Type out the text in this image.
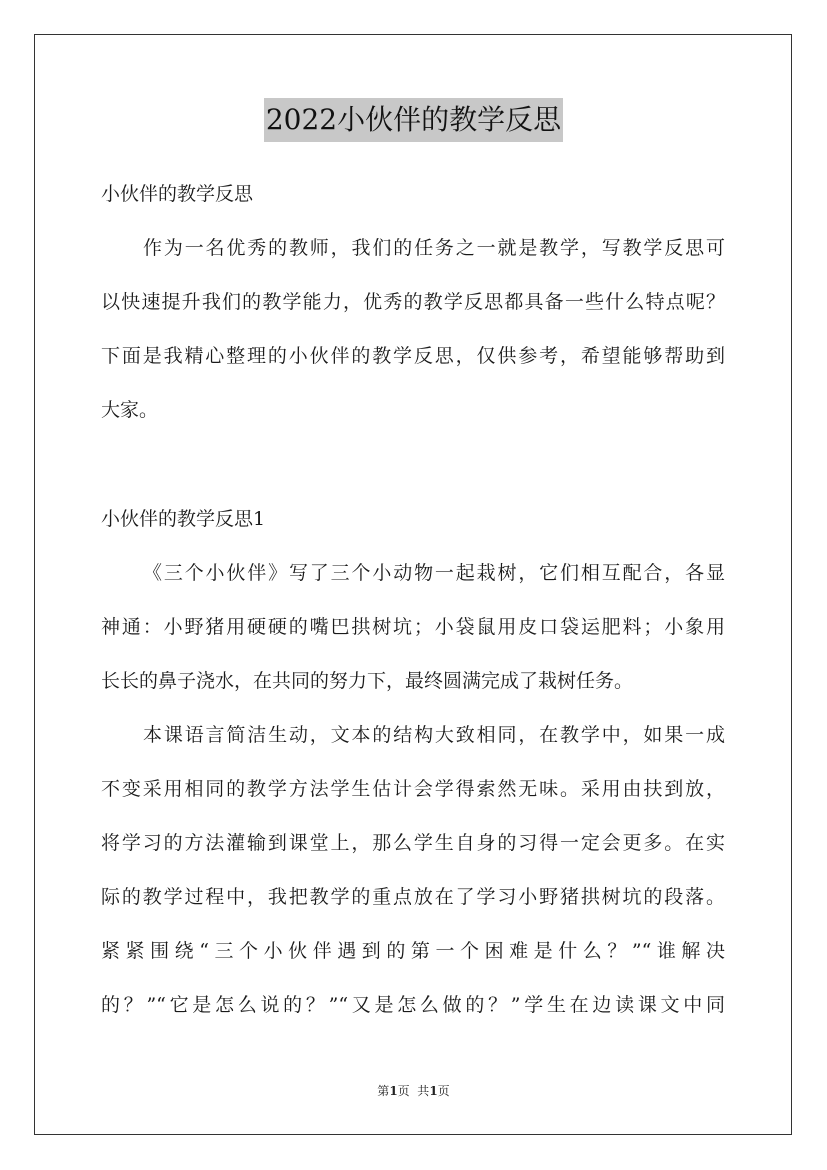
2022小伙伴的教学反思
小伙伴的教学反思
作为一名优秀的教师，我们的任务之一就是教学，写教学反思可
以快速提升我们的教学能力，优秀的教学反思都具备一些什么特点呢？
下面是我精心整理的小伙伴的教学反思，仅供参考，希望能够帮助到
大家。
小伙伴的教学反思1
《三个小伙伴》写了三个小动物一起栽树，它们相互配合，各显
神通：小野猪用硬硬的嘴巴拱树坑；小袋鼠用皮口袋运肥料；小象用
长长的鼻子浇水，在共同的努力下，最终圆满完成了栽树任务。
本课语言简洁生动，文本的结构大致相同，在教学中，如果一成
不变采用相同的教学方法学生估计会学得索然无味。采用由扶到放，
将学习的方法灌输到课堂上，那么学生自身的习得一定会更多。在实
际的教学过程中，我把教学的重点放在了学习小野猪拱树坑的段落。
紧紧围绕“三个小伙伴遇到的第一个困难是什么？”“谁解决
的？”“它是怎么说的？”“又是怎么做的？”学生在边读课文中同
第1页  共1页
